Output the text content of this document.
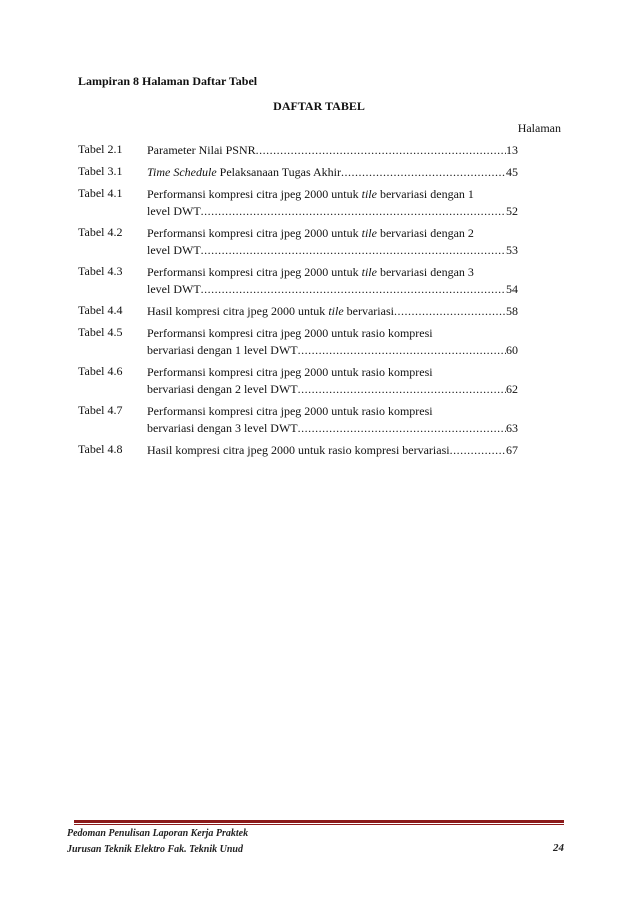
Lampiran 8 Halaman Daftar Tabel
DAFTAR TABEL
Halaman
Tabel 2.1 Parameter Nilai PSNR .....	13
Tabel 3.1 Time Schedule Pelaksanaan Tugas Akhir .....	45
Tabel 4.1 Performansi kompresi citra jpeg 2000 untuk tile bervariasi dengan 1
level DWT .....	52
Tabel 4.2 Performansi kompresi citra jpeg 2000 untuk tile bervariasi dengan 2
level DWT .....	53
Tabel 4.3 Performansi kompresi citra jpeg 2000 untuk tile bervariasi dengan 3
level DWT .....	54
Tabel 4.4 Hasil kompresi citra jpeg 2000 untuk tile bervariasi .....	58
Tabel 4.5 Performansi kompresi citra jpeg 2000 untuk rasio kompresi
bervariasi dengan 1 level DWT .....	60
Tabel 4.6 Performansi kompresi citra jpeg 2000 untuk rasio kompresi
bervariasi dengan 2 level DWT .....	62
Tabel 4.7 Performansi kompresi citra jpeg 2000 untuk rasio kompresi
bervariasi dengan 3 level DWT .....	63
Tabel 4.8 Hasil kompresi citra jpeg 2000 untuk rasio kompresi bervariasi .....	67
Pedoman Penulisan Laporan Kerja Praktek
Jurusan Teknik Elektro Fak. Teknik Unud	24
